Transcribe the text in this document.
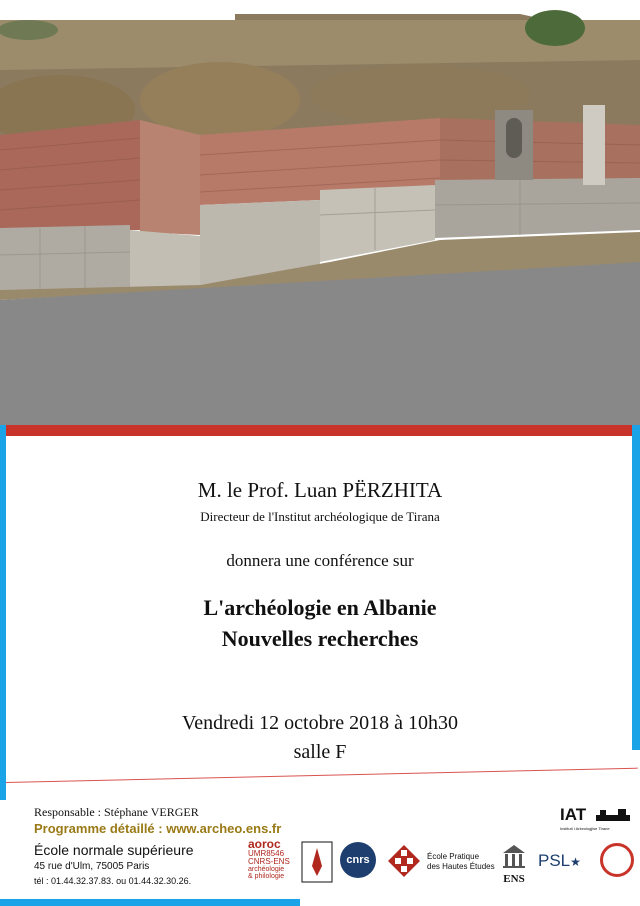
M. le Prof. Luan PËRZHITA
Directeur de l'Institut archéologique de Tirana
donnera une conférence sur
L'archéologie en Albanie
Nouvelles recherches
Vendredi 12 octobre 2018 à 10h30
salle F
Responsable : Stéphane VERGER
Programme détaillé : www.archeo.ens.fr
École normale supérieure
45 rue d'Ulm, 75005 Paris
tél : 01.44.32.37.83. ou 01.44.32.30.26.
IAT
Instituti i Arkeologjise Tirane
aoroc
UMR8546
CNRS-ENS
archéologie
& philologie
cnrs	École Pratique
des Hautes Études
ENS
PSL★
